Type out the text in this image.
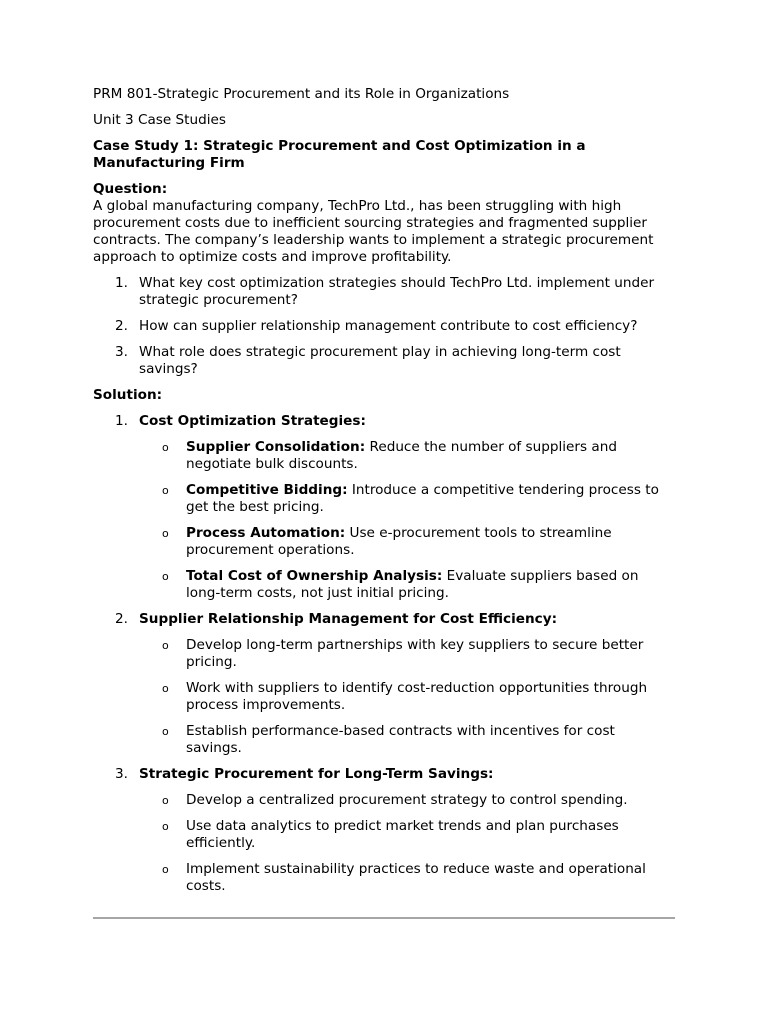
PRM 801-Strategic Procurement and its Role in Organizations

Unit 3 Case Studies

Case Study 1: Strategic Procurement and Cost Optimization in a Manufacturing Firm

Question:

A global manufacturing company, TechPro Ltd., has been struggling with high procurement costs due to inefficient sourcing strategies and fragmented supplier contracts. The company’s leadership wants to implement a strategic procurement approach to optimize costs and improve profitability.

1. What key cost optimization strategies should TechPro Ltd. implement under strategic procurement?
2. How can supplier relationship management contribute to cost efficiency?
3. What role does strategic procurement play in achieving long-term cost savings?

Solution:

1. Cost Optimization Strategies:
o Supplier Consolidation: Reduce the number of suppliers and negotiate bulk discounts.
o Competitive Bidding: Introduce a competitive tendering process to get the best pricing.
o Process Automation: Use e-procurement tools to streamline procurement operations.
o Total Cost of Ownership Analysis: Evaluate suppliers based on long-term costs, not just initial pricing.
2. Supplier Relationship Management for Cost Efficiency:
o Develop long-term partnerships with key suppliers to secure better pricing.
o Work with suppliers to identify cost-reduction opportunities through process improvements.
o Establish performance-based contracts with incentives for cost savings.
3. Strategic Procurement for Long-Term Savings:
o Develop a centralized procurement strategy to control spending.
o Use data analytics to predict market trends and plan purchases efficiently.
o Implement sustainability practices to reduce waste and operational costs.
